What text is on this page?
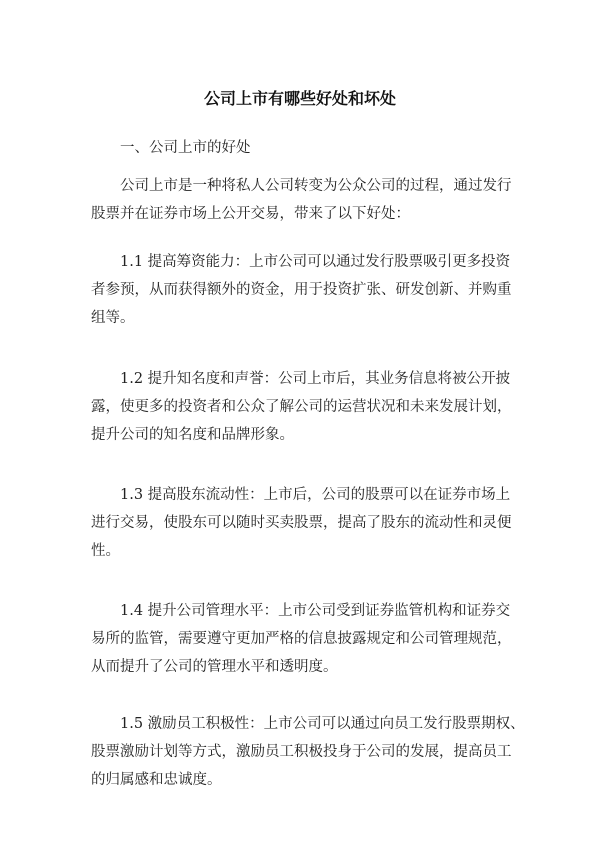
公司上市有哪些好处和坏处

一、公司上市的好处

公司上市是一种将私人公司转变为公众公司的过程，通过发行
股票并在证券市场上公开交易，带来了以下好处：

1.1 提高筹资能力：上市公司可以通过发行股票吸引更多投资
者参预，从而获得额外的资金，用于投资扩张、研发创新、并购重
组等。

1.2 提升知名度和声誉：公司上市后，其业务信息将被公开披
露，使更多的投资者和公众了解公司的运营状况和未来发展计划，
提升公司的知名度和品牌形象。

1.3 提高股东流动性：上市后，公司的股票可以在证券市场上
进行交易，使股东可以随时买卖股票，提高了股东的流动性和灵便
性。

1.4 提升公司管理水平：上市公司受到证券监管机构和证券交
易所的监管，需要遵守更加严格的信息披露规定和公司管理规范，
从而提升了公司的管理水平和透明度。

1.5 激励员工积极性：上市公司可以通过向员工发行股票期权、
股票激励计划等方式，激励员工积极投身于公司的发展，提高员工
的归属感和忠诚度。
